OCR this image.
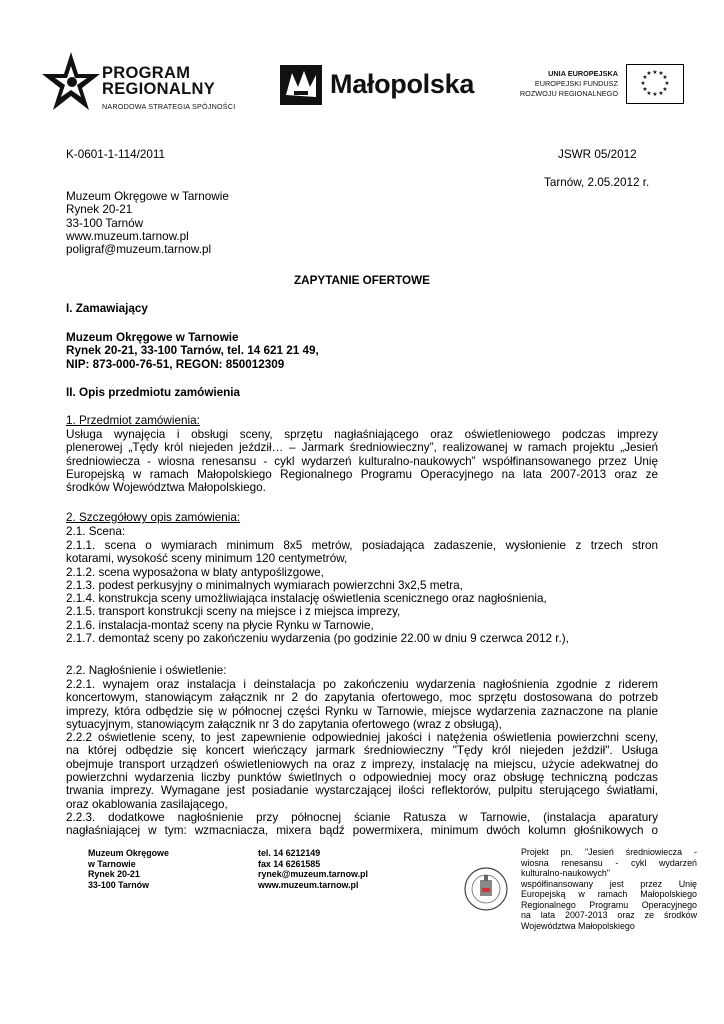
PROGRAM
REGIONALNY
NARODOWA STRATEGIA SPÓJNOŚCI
Małopolska	UNIA EUROPEJSKA
EUROPEJSKI FUNDUSZ
ROZWOJU REGIONALNEGO
★ ★
★
★
★
★
★
★
★
★
★
★
K-0601-1-114/2011	JSWR 05/2012
Tarnów, 2.05.2012 r.
Muzeum Okręgowe w Tarnowie
Rynek 20-21
33-100 Tarnów
www.muzeum.tarnow.pl
poligraf@muzeum.tarnow.pl
ZAPYTANIE OFERTOWE
I. Zamawiający
Muzeum Okręgowe w Tarnowie
Rynek 20-21, 33-100 Tarnów, tel. 14 621 21 49,
NIP: 873-000-76-51, REGON: 850012309
II. Opis przedmiotu zamówienia
1. Przedmiot zamówienia:
Usługa wynajęcia i obsługi sceny, sprzętu nagłaśniającego oraz oświetleniowego podczas imprezy
plenerowej „Tędy król niejeden jeździł… – Jarmark średniowieczny”, realizowanej w ramach projektu „Jesień
średniowiecza - wiosna renesansu - cykl wydarzeń kulturalno-naukowych” współfinansowanego przez Unię
Europejską w ramach Małopolskiego Regionalnego Programu Operacyjnego na lata 2007-2013 oraz ze
środków Województwa Małopolskiego.
2. Szczegółowy opis zamówienia:
2.1. Scena:
2.1.1. scena o wymiarach minimum 8x5 metrów, posiadająca zadaszenie, wysłonienie z trzech stron
kotarami, wysokość sceny minimum 120 centymetrów,
2.1.2. scena wyposażona w blaty antypoślizgowe,
2.1.3. podest perkusyjny o minimalnych wymiarach powierzchni 3x2,5 metra,
2.1.4. konstrukcja sceny umożliwiająca instalację oświetlenia scenicznego oraz nagłośnienia,
2.1.5. transport konstrukcji sceny na miejsce i z miejsca imprezy,
2.1.6. instalacja-montaż sceny na płycie Rynku w Tarnowie,
2.1.7. demontaż sceny po zakończeniu wydarzenia (po godzinie 22.00 w dniu 9 czerwca 2012 r.),
2.2. Nagłośnienie i oświetlenie:
2.2.1. wynajem oraz instalacja i deinstalacja po zakończeniu wydarzenia nagłośnienia zgodnie z riderem
koncertowym, stanowiącym załącznik nr 2 do zapytania ofertowego, moc sprzętu dostosowana do potrzeb
imprezy, która odbędzie się w północnej części Rynku w Tarnowie, miejsce wydarzenia zaznaczone na planie
sytuacyjnym, stanowiącym załącznik nr 3 do zapytania ofertowego (wraz z obsługą),
2.2.2 oświetlenie sceny, to jest zapewnienie odpowiedniej jakości i natężenia oświetlenia powierzchni sceny,
na której odbędzie się koncert wieńczący jarmark średniowieczny "Tędy król niejeden jeździł". Usługa
obejmuje transport urządzeń oświetleniowych na oraz z imprezy, instalację na miejscu, użycie adekwatnej do
powierzchni wydarzenia liczby punktów świetlnych o odpowiedniej mocy oraz obsługę techniczną podczas
trwania imprezy. Wymagane jest posiadanie wystarczającej ilości reflektorów, pulpitu sterującego światłami,
oraz okablowania zasilającego,
2.2.3. dodatkowe nagłośnienie przy północnej ścianie Ratusza w Tarnowie, (instalacja aparatury
nagłaśniającej w tym: wzmacniacza, mixera bądź powermixera, minimum dwóch kolumn głośnikowych o
Muzeum Okręgowe
w Tarnowie
Rynek 20-21
33-100 Tarnów
tel. 14 6212149
fax 14 6261585
rynek@muzeum.tarnow.pl
www.muzeum.tarnow.pl
Projekt pn. "Jesień średniowiecza -
wiosna renesansu - cykl wydarzeń
kulturalno-naukowych"
współfinansowany jest przez Unię
Europejską w ramach Małopolskiego
Regionalnego Programu Operacyjnego
na lata 2007-2013 oraz ze środków
Województwa Małopolskiego
